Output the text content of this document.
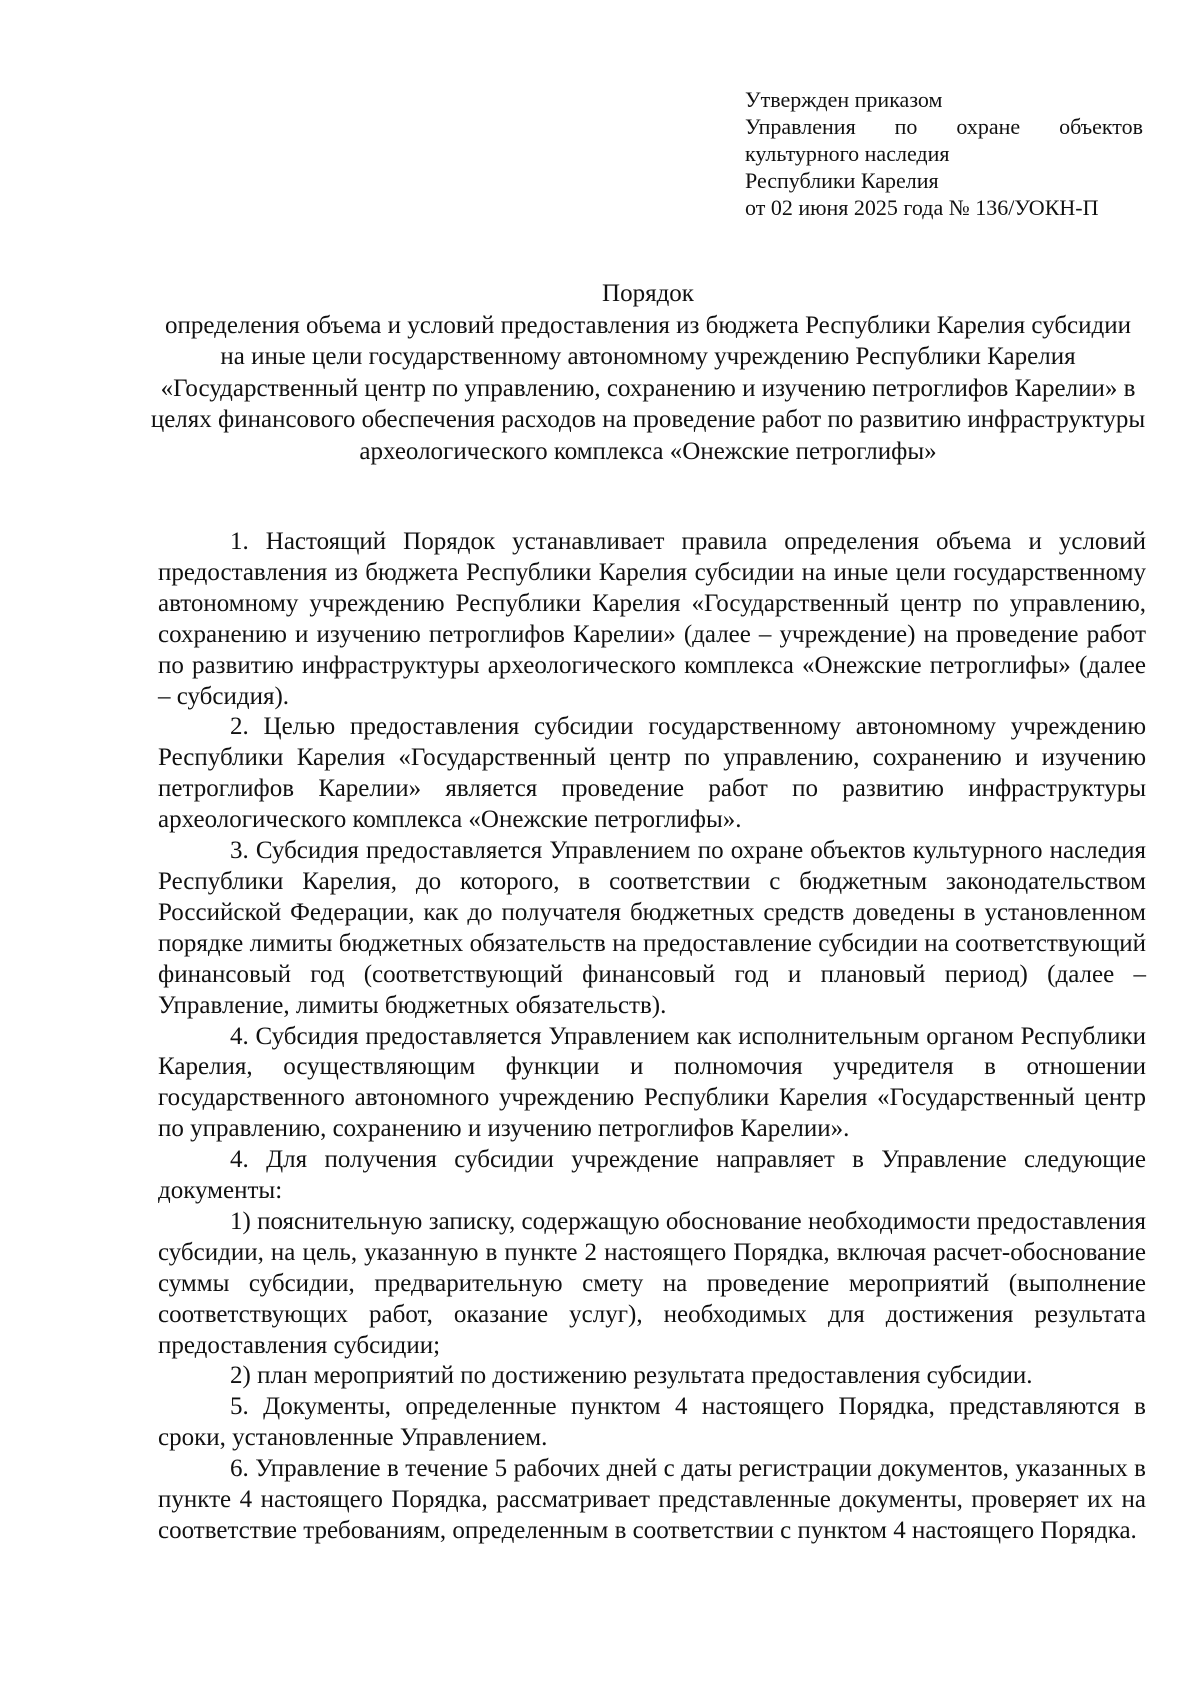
Утвержден приказом
Управления по охране объектов
культурного наследия
Республики Карелия
от 02 июня 2025 года № 136/УОКН-П
Порядок
определения объема и условий предоставления из бюджета Республики Карелия субсидии на иные цели государственному автономному учреждению Республики Карелия «Государственный центр по управлению, сохранению и изучению петроглифов Карелии» в целях финансового обеспечения расходов на проведение работ по развитию инфраструктуры археологического комплекса «Онежские петроглифы»

1. Настоящий Порядок устанавливает правила определения объема и условий предоставления из бюджета Республики Карелия субсидии на иные цели государственному автономному учреждению Республики Карелия «Государственный центр по управлению, сохранению и изучению петроглифов Карелии» (далее – учреждение) на проведение работ по развитию инфраструктуры археологического комплекса «Онежские петроглифы» (далее – субсидия).

2. Целью предоставления субсидии государственному автономному учреждению Республики Карелия «Государственный центр по управлению, сохранению и изучению петроглифов Карелии» является проведение работ по развитию инфраструктуры археологического комплекса «Онежские петроглифы».

3. Субсидия предоставляется Управлением по охране объектов культурного наследия Республики Карелия, до которого, в соответствии с бюджетным законодательством Российской Федерации, как до получателя бюджетных средств доведены в установленном порядке лимиты бюджетных обязательств на предоставление субсидии на соответствующий финансовый год (соответствующий финансовый год и плановый период) (далее – Управление, лимиты бюджетных обязательств).

4. Субсидия предоставляется Управлением как исполнительным органом Республики Карелия, осуществляющим функции и полномочия учредителя в отношении государственного автономного учреждению Республики Карелия «Государственный центр по управлению, сохранению и изучению петроглифов Карелии».

4. Для получения субсидии учреждение направляет в Управление следующие документы:

1) пояснительную записку, содержащую обоснование необходимости предоставления субсидии, на цель, указанную в пункте 2 настоящего Порядка, включая расчет-обоснование суммы субсидии, предварительную смету на проведение мероприятий (выполнение соответствующих работ, оказание услуг), необходимых для достижения результата предоставления субсидии;

2) план мероприятий по достижению результата предоставления субсидии.

5. Документы, определенные пунктом 4 настоящего Порядка, представляются в сроки, установленные Управлением.

6. Управление в течение 5 рабочих дней с даты регистрации документов, указанных в пункте 4 настоящего Порядка, рассматривает представленные документы, проверяет их на соответствие требованиям, определенным в соответствии с пунктом 4 настоящего Порядка.
